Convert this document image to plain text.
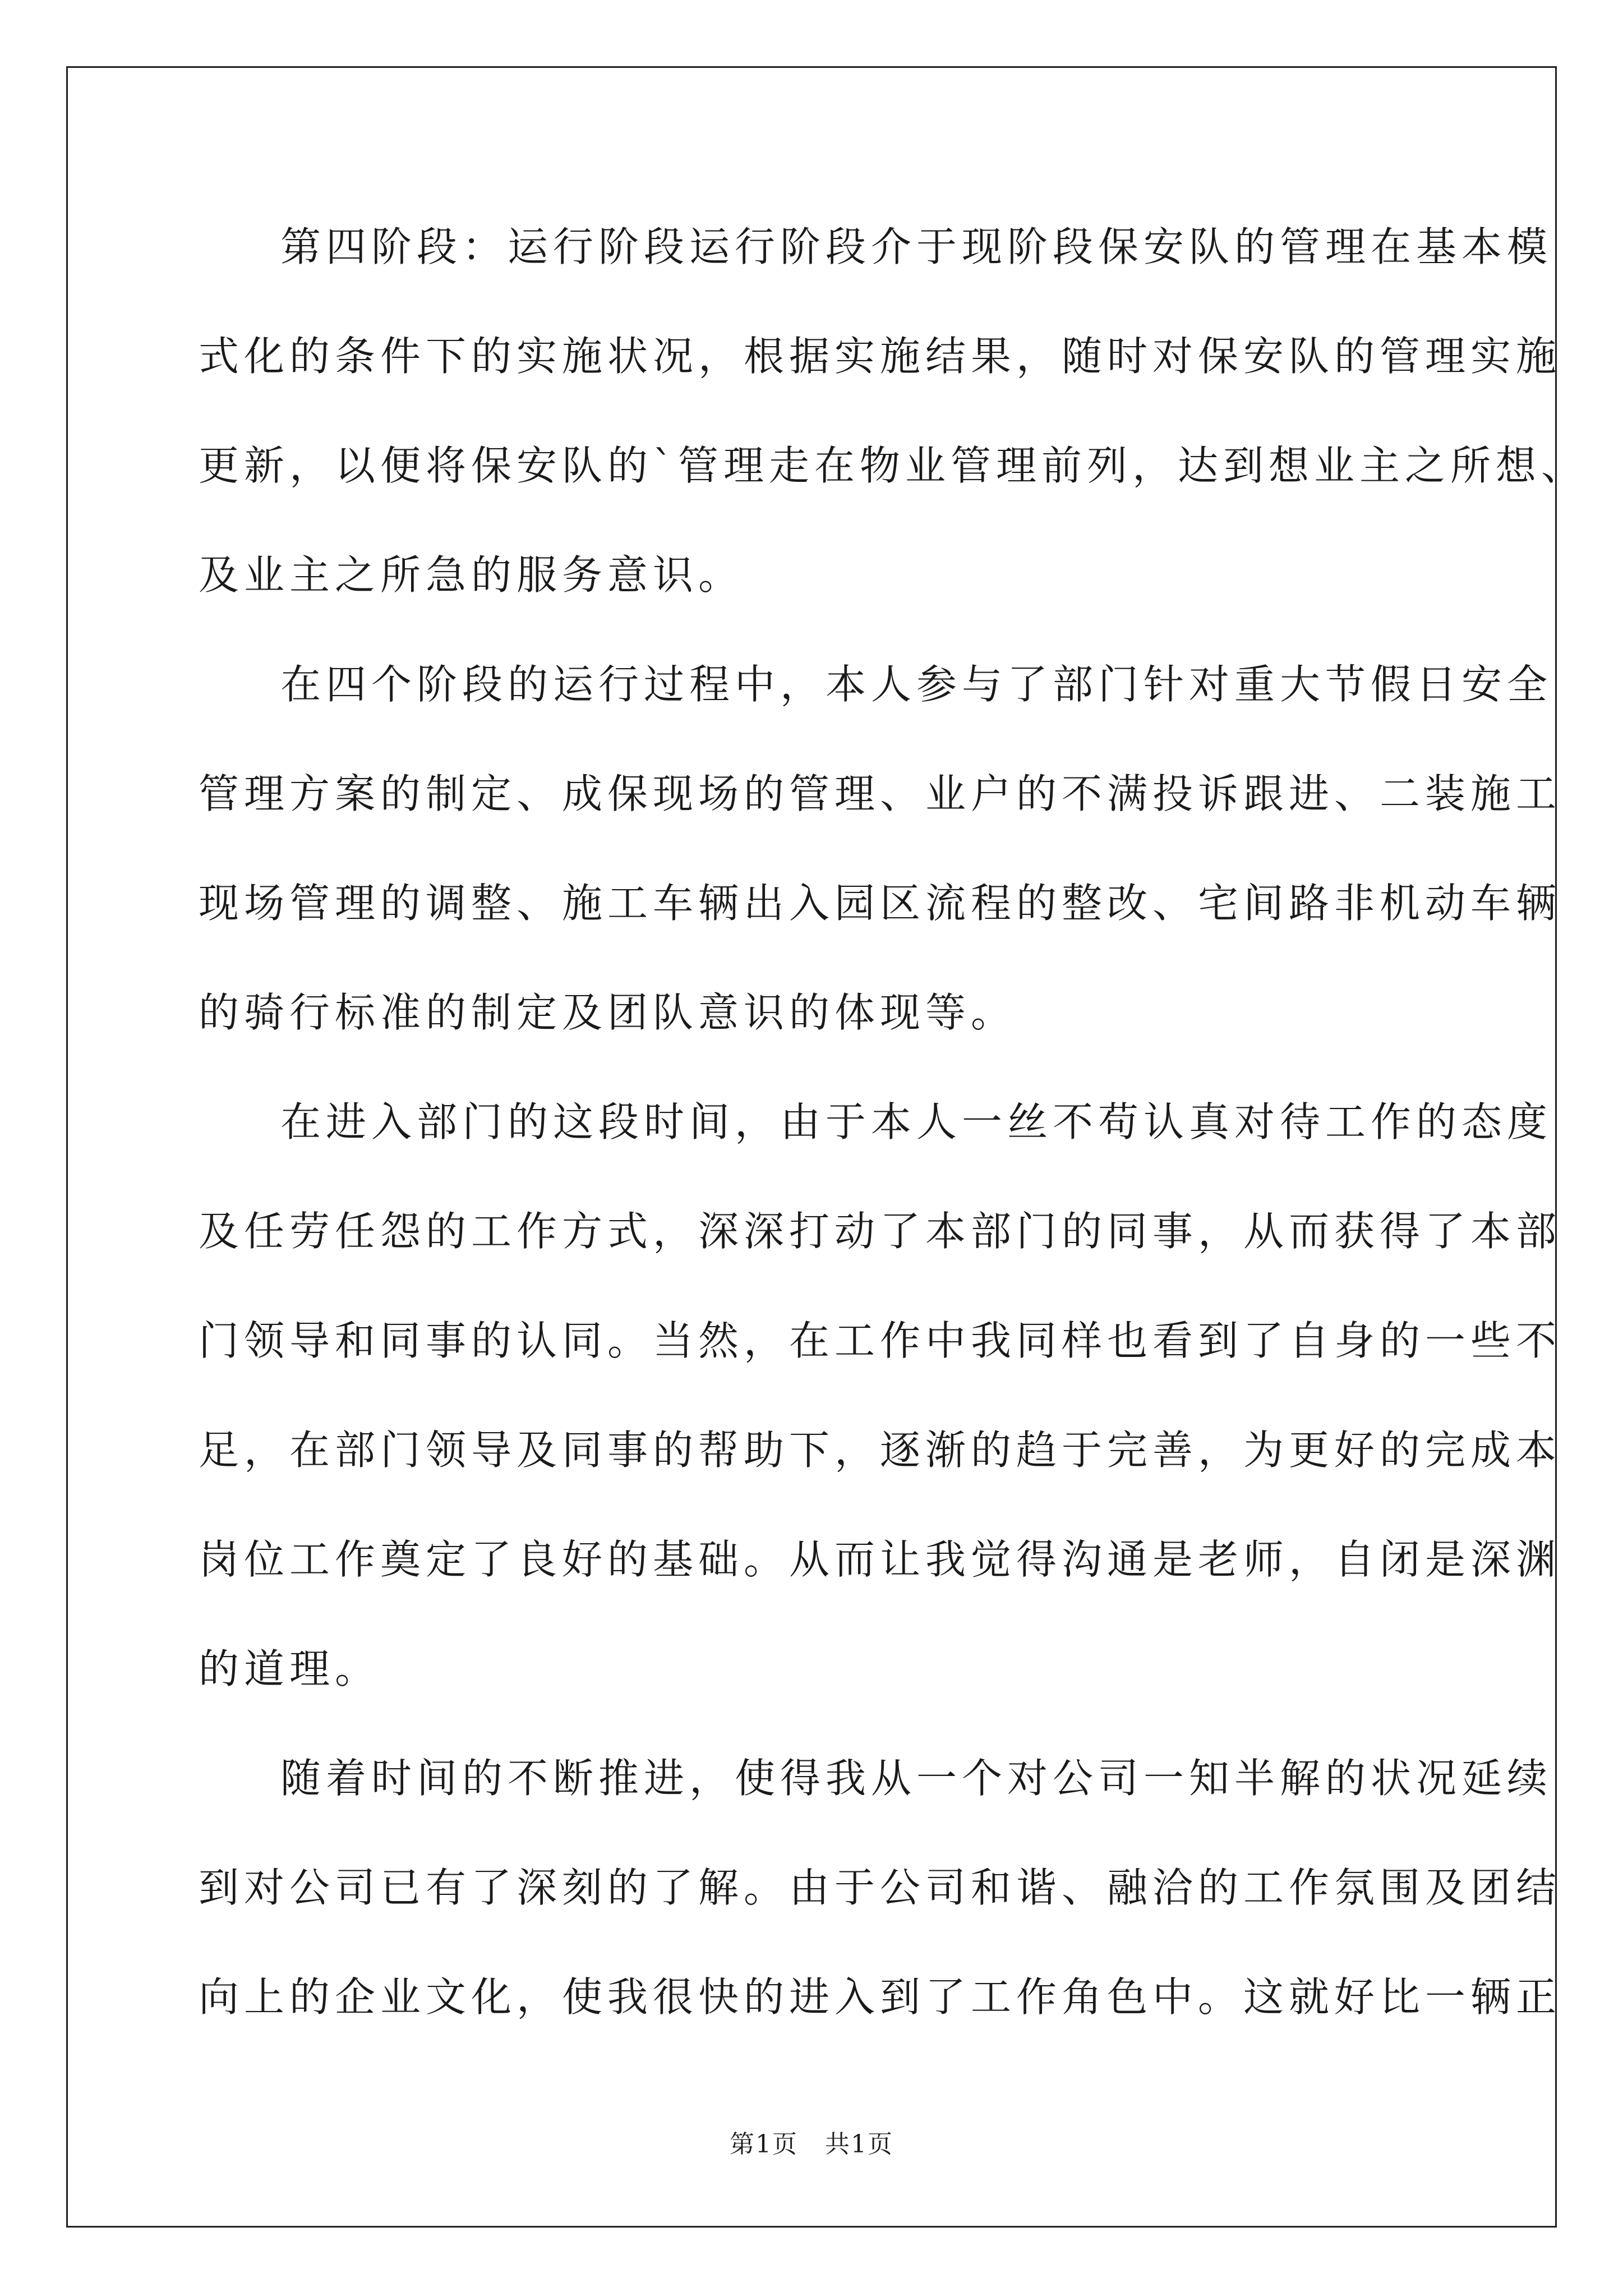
第四阶段：运行阶段运行阶段介于现阶段保安队的管理在基本模
式化的条件下的实施状况，根据实施结果，随时对保安队的管理实施
更新，以便将保安队的`管理走在物业管理前列，达到想业主之所想、
及业主之所急的服务意识。
在四个阶段的运行过程中，本人参与了部门针对重大节假日安全
管理方案的制定、成保现场的管理、业户的不满投诉跟进、二装施工
现场管理的调整、施工车辆出入园区流程的整改、宅间路非机动车辆
的骑行标准的制定及团队意识的体现等。
在进入部门的这段时间，由于本人一丝不苟认真对待工作的态度
及任劳任怨的工作方式，深深打动了本部门的同事，从而获得了本部
门领导和同事的认同。当然，在工作中我同样也看到了自身的一些不
足，在部门领导及同事的帮助下，逐渐的趋于完善，为更好的完成本
岗位工作奠定了良好的基础。从而让我觉得沟通是老师，自闭是深渊
的道理。
随着时间的不断推进，使得我从一个对公司一知半解的状况延续
到对公司已有了深刻的了解。由于公司和谐、融洽的工作氛围及团结
向上的企业文化，使我很快的进入到了工作角色中。这就好比一辆正
第1页   共1页
